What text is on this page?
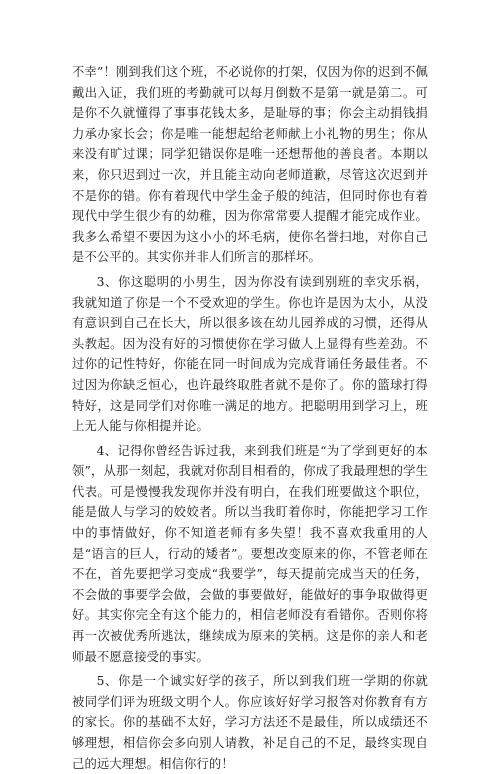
不幸”！刚到我们这个班，不必说你的打架，仅因为你的迟到不佩戴出入证，我们班的考勤就可以每月倒数不是第一就是第二。可是你不久就懂得了事事花钱太多，是耻辱的事；你会主动捐钱捐力承办家长会；你是唯一能想起给老师献上小礼物的男生；你从来没有旷过课；同学犯错误你是唯一还想帮他的善良者。本期以来，你只迟到过一次，并且能主动向老师道歉，尽管这次迟到并不是你的错。你有着现代中学生金子般的纯洁，但同时你也有着现代中学生很少有的幼稚，因为你常常要人提醒才能完成作业。我多么希望不要因为这小小的坏毛病，使你名誉扫地，对你自己是不公平的。其实你并非人们所言的那样坏。

3、你这聪明的小男生，因为你没有读到别班的幸灾乐祸，我就知道了你是一个不受欢迎的学生。你也许是因为太小，从没有意识到自己在长大，所以很多该在幼儿园养成的习惯，还得从头教起。因为没有好的习惯使你在学习做人上显得有些差劲。不过你的记性特好，你能在同一时间成为完成背诵任务最佳者。不过因为你缺乏恒心，也许最终取胜者就不是你了。你的篮球打得特好，这是同学们对你唯一满足的地方。把聪明用到学习上，班上无人能与你相提并论。

4、记得你曾经告诉过我，来到我们班是“为了学到更好的本领”，从那一刻起，我就对你刮目相看的，你成了我最理想的学生代表。可是慢慢我发现你并没有明白，在我们班要做这个职位，能是做人与学习的姣姣者。所以当我盯着你时，你能把学习工作中的事情做好，你不知道老师有多失望！我不喜欢我重用的人是“语言的巨人，行动的矮者”。要想改变原来的你，不管老师在不在，首先要把学习变成“我要学”，每天提前完成当天的任务，不会做的事要学会做，会做的事要做好，能做好的事争取做得更好。其实你完全有这个能力的，相信老师没有看错你。否则你将再一次被优秀所逃汰，继续成为原来的笑柄。这是你的亲人和老师最不愿意接受的事实。

5、你是一个诚实好学的孩子，所以到我们班一学期的你就被同学们评为班级文明个人。你应该好好学习报答对你教育有方的家长。你的基础不太好，学习方法还不是最佳，所以成绩还不够理想，相信你会多向别人请教，补足自己的不足，最终实现自己的远大理想。相信你行的！
